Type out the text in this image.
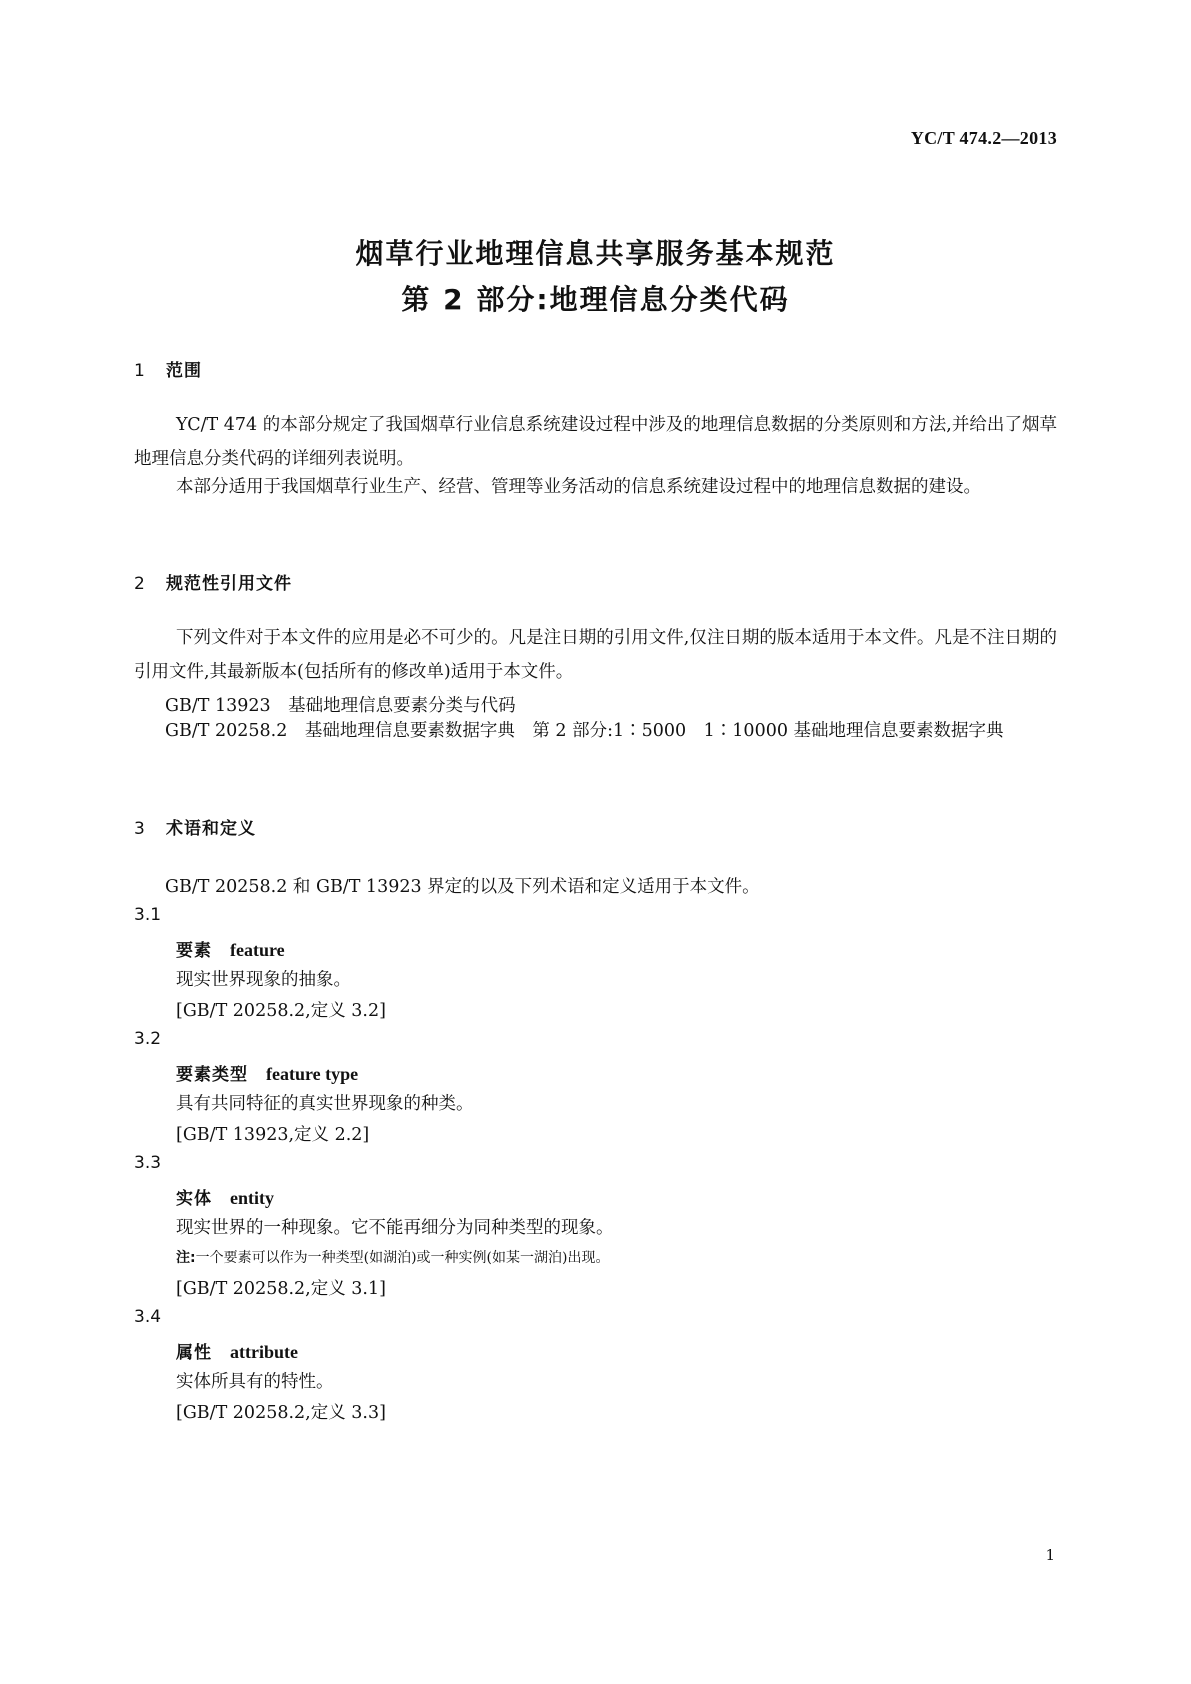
YC/T 474.2—2013
烟草行业地理信息共享服务基本规范
第 2 部分:地理信息分类代码
1 范围
YC/T 474 的本部分规定了我国烟草行业信息系统建设过程中涉及的地理信息数据的分类原则和方法,并给出了烟草地理信息分类代码的详细列表说明。
本部分适用于我国烟草行业生产、经营、管理等业务活动的信息系统建设过程中的地理信息数据的建设。
2 规范性引用文件
下列文件对于本文件的应用是必不可少的。凡是注日期的引用文件,仅注日期的版本适用于本文件。凡是不注日期的引用文件,其最新版本(包括所有的修改单)适用于本文件。
GB/T 13923　基础地理信息要素分类与代码
GB/T 20258.2　基础地理信息要素数据字典　第 2 部分:1∶5000　1∶10000 基础地理信息要素数据字典
3 术语和定义
GB/T 20258.2 和 GB/T 13923 界定的以及下列术语和定义适用于本文件。
3.1
要素 feature
现实世界现象的抽象。
[GB/T 20258.2,定义 3.2]
3.2
要素类型 feature type
具有共同特征的真实世界现象的种类。
[GB/T 13923,定义 2.2]
3.3
实体 entity
现实世界的一种现象。它不能再细分为同种类型的现象。
注:一个要素可以作为一种类型(如湖泊)或一种实例(如某一湖泊)出现。
[GB/T 20258.2,定义 3.1]
3.4
属性 attribute
实体所具有的特性。
[GB/T 20258.2,定义 3.3]
1
